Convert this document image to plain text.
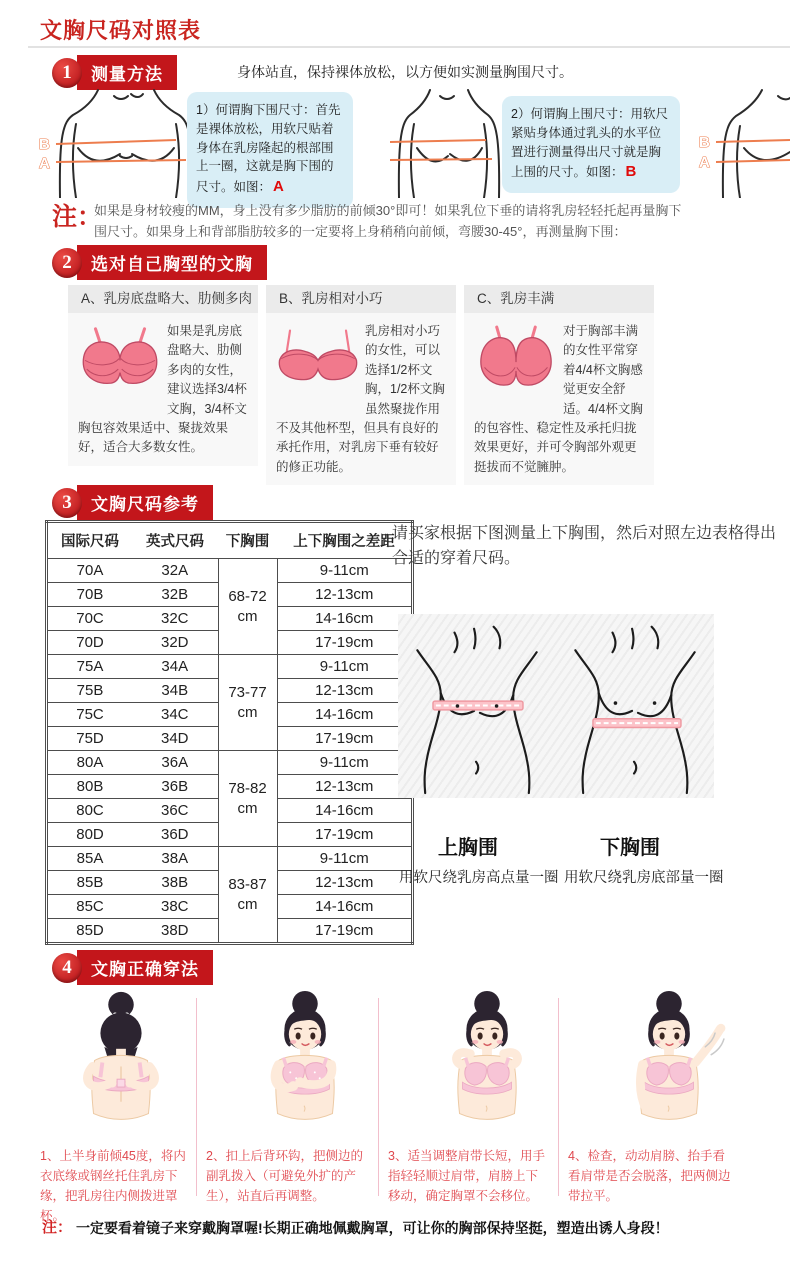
文胸尺码对照表
1	测量方法	身体站直，保持裸体放松，以方便如实测量胸围尺寸。

B
A
1）何谓胸下围尺寸：首先是裸体放松，用软尺贴着身体在乳房隆起的根部围上一圈，这就是胸下围的尺寸。如图： A
2）何谓胸上围尺寸：用软尺紧贴身体通过乳头的水平位置进行测量得出尺寸就是胸上围的尺寸。如图： B
B
A
注：
如果是身材较瘦的MM，身上没有多少脂肪的前倾30°即可！如果乳位下垂的请将乳房轻轻托起再量胸下
围尺寸。如果身上和背部脂肪较多的一定要将上身稍稍向前倾，弯腰30-45°，再测量胸下围：
2	选对自己胸型的文胸
A、乳房底盘略大、肋侧多肉
如果是乳房底盘略大、肋侧多肉的女性，建议选择3/4杯文胸，3/4杯文胸包容效果适中、聚拢效果好，适合大多数女性。
B、乳房相对小巧
乳房相对小巧的女性，可以选择1/2杯文胸，1/2杯文胸虽然聚拢作用不及其他杯型，但具有良好的承托作用，对乳房下垂有较好的修正功能。
C、乳房丰满
对于胸部丰满的女性平常穿着4/4杯文胸感觉更安全舒适。4/4杯文胸的包容性、稳定性及承托归拢效果更好，并可令胸部外观更挺拔而不觉臃肿。
3	文胸尺码参考
国际尺码	英式尺码	下胸围	上下胸围之差距
70A	32A	68-72 cm	9-11cm
70B	32B		12-13cm
70C	32C		14-16cm
70D	32D		17-19cm
75A	34A	73-77 cm	9-11cm
75B	34B		12-13cm
75C	34C		14-16cm
75D	34D		17-19cm
80A	36A	78-82 cm	9-11cm
80B	36B		12-13cm
80C	36C		14-16cm
80D	36D		17-19cm
85A	38A	83-87 cm	9-11cm
85B	38B		12-13cm
85C	38C		14-16cm
85D	38D		17-19cm

请买家根据下图测量上下胸围，然后对照左边表格得出合适的穿着尺码。

上胸围	下胸围
用软尺绕乳房高点量一圈 用软尺绕乳房底部量一圈
4	文胸正确穿法
1、上半身前倾45度，将内衣底缘或钢丝托住乳房下缘，把乳房往内侧拨进罩杯。
2、扣上后背环钩，把侧边的副乳拨入（可避免外扩的产生），站直后再调整。
3、适当调整肩带长短，用手指轻轻顺过肩带，肩膀上下移动，确定胸罩不会移位。
4、检查，动动肩膀、抬手看看肩带是否会脱落，把两侧边带拉平。
注： 一定要看着镜子来穿戴胸罩喔!长期正确地佩戴胸罩，可让你的胸部保持坚挺，塑造出诱人身段！
